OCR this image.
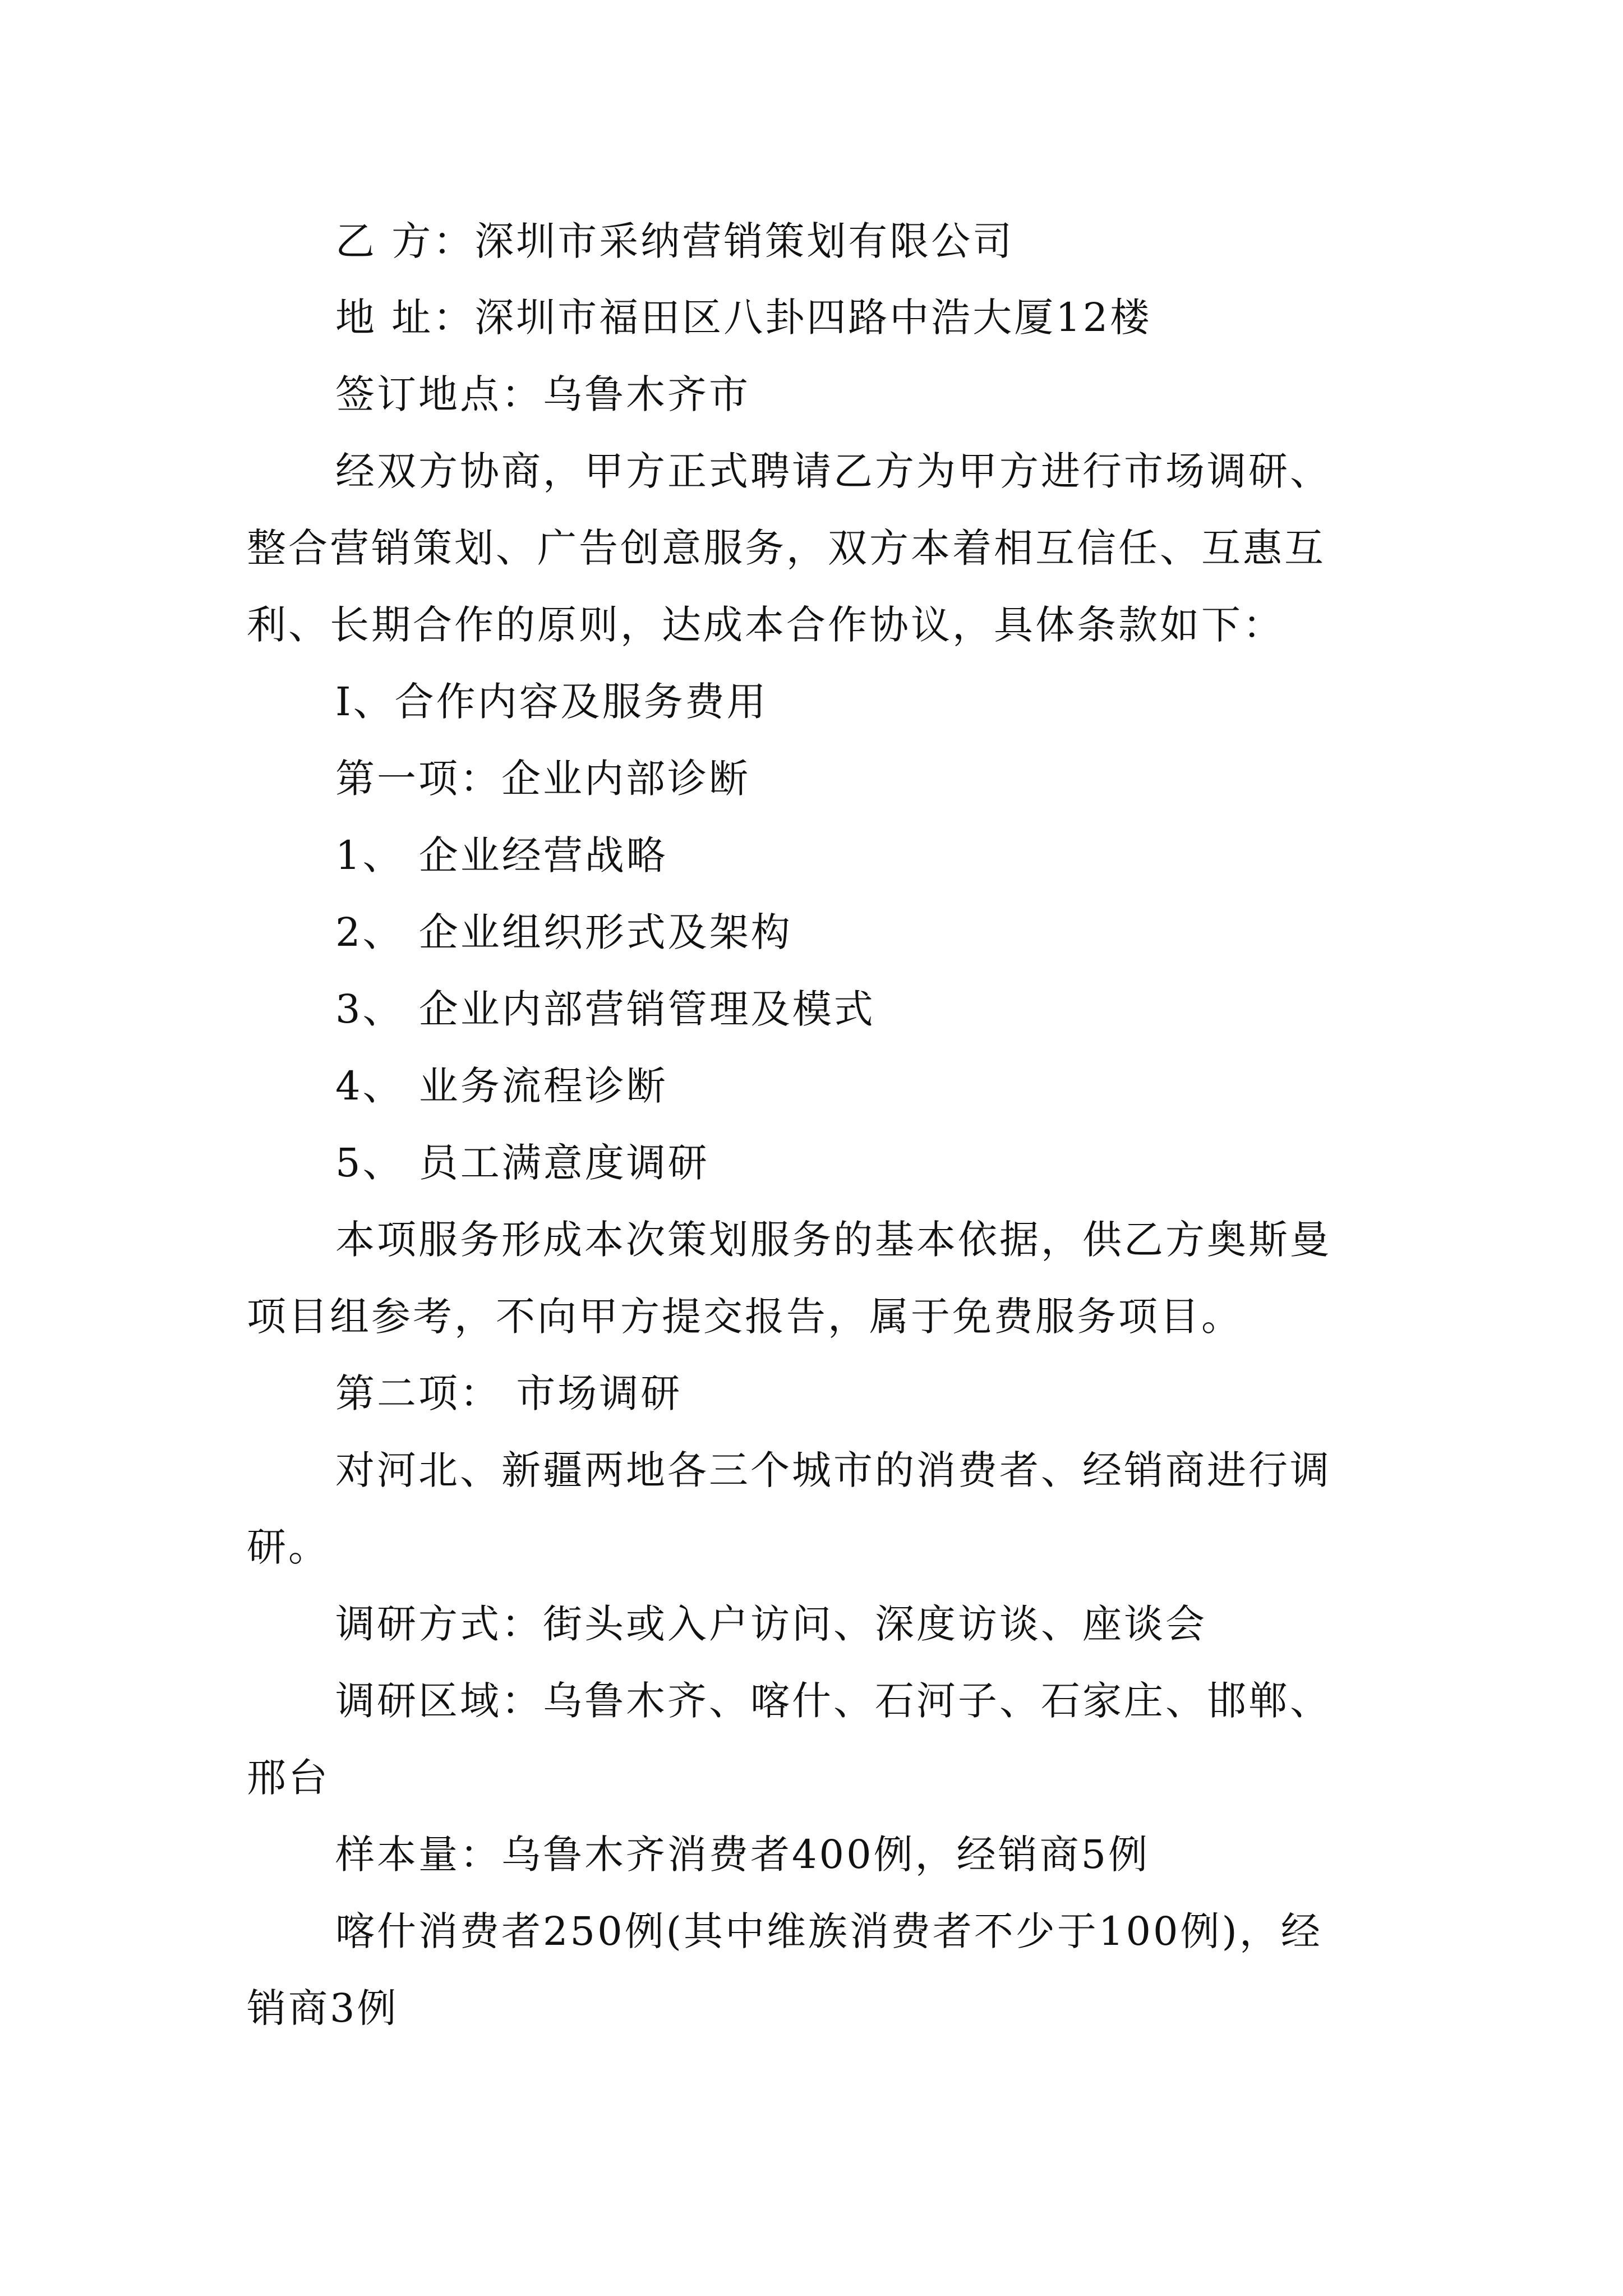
乙 方：深圳市采纳营销策划有限公司
地 址：深圳市福田区八卦四路中浩大厦12楼
签订地点：乌鲁木齐市
经双方协商，甲方正式聘请乙方为甲方进行市场调研、
整合营销策划、广告创意服务，双方本着相互信任、互惠互
利、长期合作的原则，达成本合作协议，具体条款如下：
Ⅰ、合作内容及服务费用
第一项：企业内部诊断
1、 企业经营战略
2、 企业组织形式及架构
3、 企业内部营销管理及模式
4、 业务流程诊断
5、 员工满意度调研
本项服务形成本次策划服务的基本依据，供乙方奥斯曼
项目组参考，不向甲方提交报告，属于免费服务项目。
第二项： 市场调研
对河北、新疆两地各三个城市的消费者、经销商进行调
研。
调研方式：街头或入户访问、深度访谈、座谈会
调研区域：乌鲁木齐、喀什、石河子、石家庄、邯郸、
邢台
样本量：乌鲁木齐消费者400例，经销商5例
喀什消费者250例(其中维族消费者不少于100例)，经
销商3例
